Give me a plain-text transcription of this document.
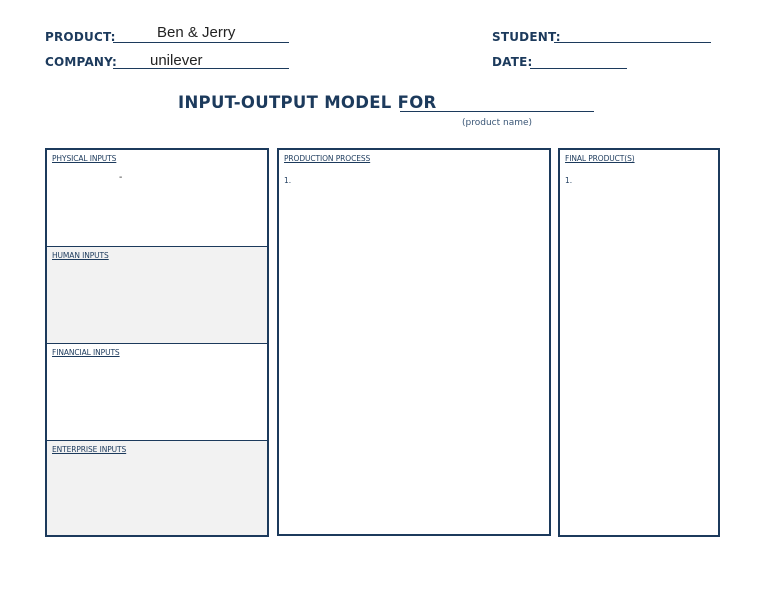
PRODUCT:	Ben & Jerry
COMPANY: unilever
STUDENT:
DATE:
INPUT-OUTPUT MODEL FOR
(product name)
PHYSICAL INPUTS
-
HUMAN INPUTS
FINANCIAL INPUTS
ENTERPRISE INPUTS
PRODUCTION PROCESS
1.
FINAL PRODUCT(S)
1.
